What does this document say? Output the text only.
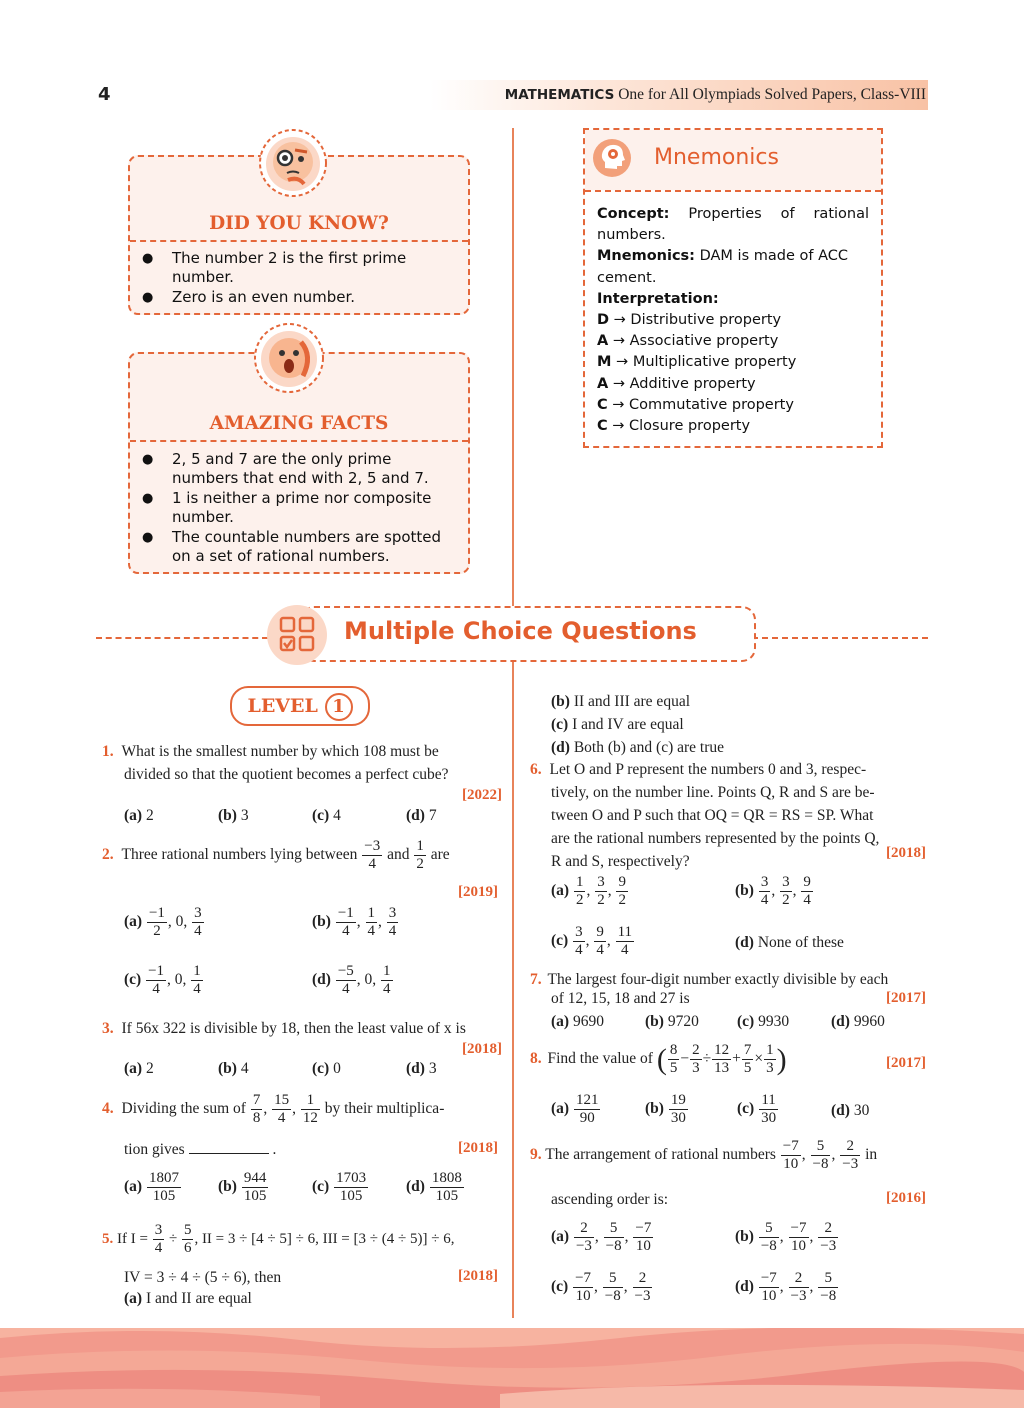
4	MATHEMATICS One for All Olympiads Solved Papers, Class-VIII
DID YOU KNOW?
● The number 2 is the first prime number.
● Zero is an even number.
AMAZING FACTS
● 2, 5 and 7 are the only prime numbers that end with 2, 5 and 7.
● 1 is neither a prime nor composite number.
● The countable numbers are spotted on a set of rational numbers.
Mnemonics
Concept: Properties of rational numbers.
Mnemonics: DAM is made of ACC cement.
Interpretation:
D → Distributive property
A → Associative property
M → Multiplicative property
A → Additive property
C → Commutative property
C → Closure property
Multiple Choice Questions
LEVEL 1
1. What is the smallest number by which 108 must be
divided so that the quotient becomes a perfect cube?
[2022]
(a) 2	(b) 3	(c) 4	(d) 7
2. Three rational numbers lying between $\frac{-3}{4}$ and $\frac{1}{2}$ are
[2019]
$(a) \frac{-1}{2}$ , 0, $\frac{3}{4}$	$(b) \frac{-1}{4}$ , $\frac{1}{4}$ , $\frac{3}{4}$
$(c) \frac{-1}{4}$ , 0, $\frac{1}{4}$	$(d) \frac{-5}{4}$ , 0, $\frac{1}{4}$
3. If 56x 322 is divisible by 18, then the least value of x is
[2018]
(a) 2	(b) 4	(c) 0	(d) 3
4. Dividing the sum of $\frac{7}{8}$ , $\frac{15}{4}$ , $\frac{1}{12}$ by their multiplica-
tion gives	.	[2018]
$(a) \frac{1807}{105} (b) \frac{944}{105}$	$(c) \frac{1703}{105} (d) \frac{1808}{105}$
5. If $I = \frac{3}{4} \div \frac{5}{6}$ , II = 3 ÷ [4 ÷ 5] ÷ 6, III = [3 ÷ (4 ÷ 5)] ÷ 6,
IV = 3 ÷ 4 ÷ (5 ÷ 6), then	[2018]
(a) I and II are equal
(b) II and III are equal
(c) I and IV are equal
(d) Both (b) and (c) are true
6. Let O and P represent the numbers 0 and 3, respec-
tively, on the number line. Points Q, R and S are be-
tween O and P such that OQ = QR = RS = SP. What
are the rational numbers represented by the points Q,
R and S, respectively?	[2018]
$(a) \frac{1}{2}$ , $\frac{3}{2}$ , $\frac{9}{2}$	$(b) \frac{3}{4}$ , $\frac{3}{2}$ , $\frac{9}{4}$
$(c) \frac{3}{4}$ , $\frac{9}{4}$ , $\frac{11}{4}$	(d) None of these
7. The largest four-digit number exactly divisible by each
of 12, 15, 18 and 27 is	[2017]
(a) 9690	(b) 9720 (c) 9930	(d) 9960
8. Find the value of ( $\frac{8}{5} - \frac{2}{3} \div \frac{12}{13} + \frac{7}{5} \times \frac{1}{3}$ )	[2017]
$(a) \frac{121}{90}$	$(b) \frac{19}{30}$	$(c) \frac{11}{30}$	(d) 30
9. The arrangement of rational numbers $\frac{-7}{10}$ , $\frac{5}{-8}$ , $\frac{2}{-3}$ in
ascending order is:	[2016]
$(a) \frac{2}{-3}$ , $\frac{5}{-8}$ , $\frac{-7}{10}$	$(b) \frac{5}{-8}$ , $\frac{-7}{10}$ , $\frac{2}{-3}$
$(c) \frac{-7}{10}$ , $\frac{5}{-8}$ , $\frac{2}{-3}$	$(d) \frac{-7}{10}$ , $\frac{2}{-3}$ , $\frac{5}{-8}$
